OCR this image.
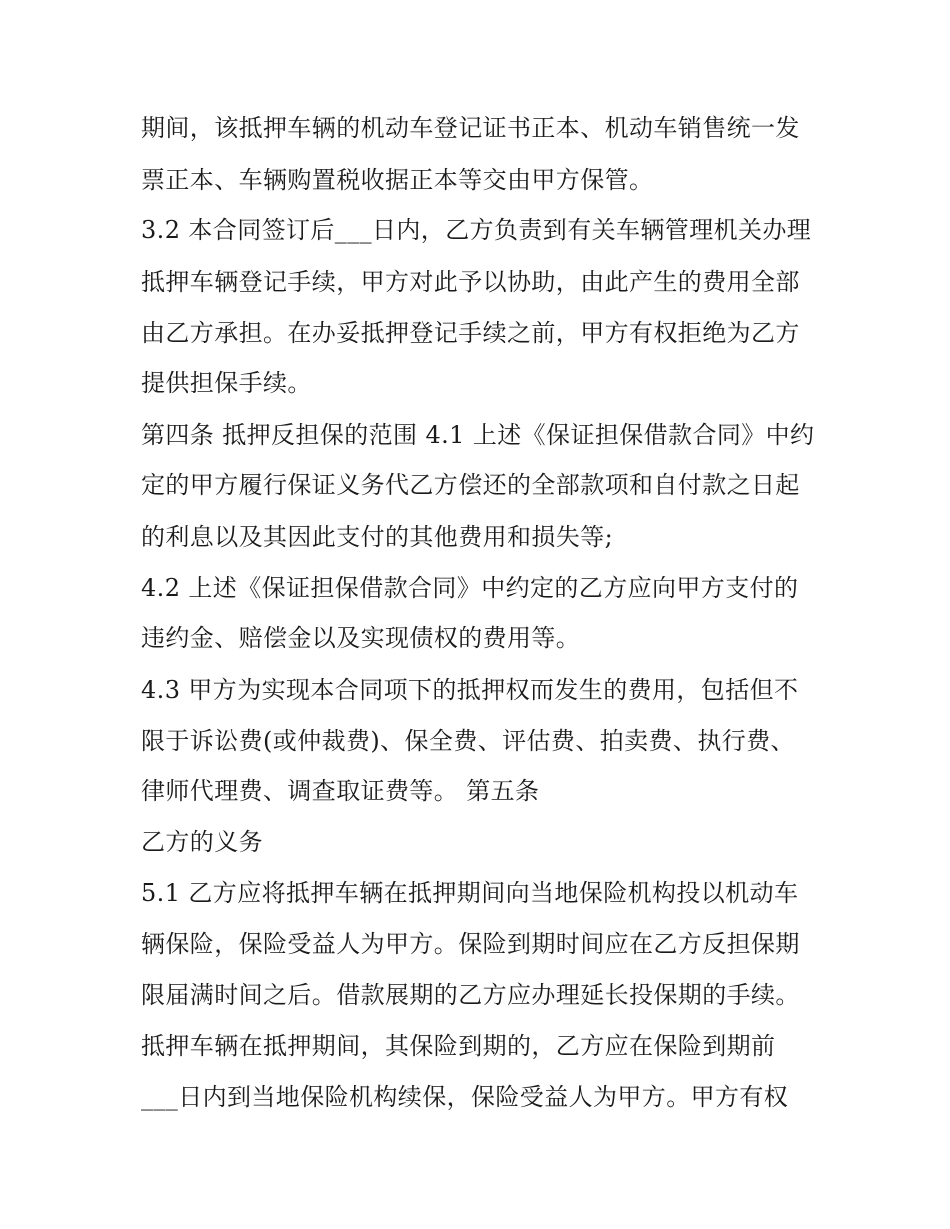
期间，该抵押车辆的机动车登记证书正本、机动车销售统一发
票正本、车辆购置税收据正本等交由甲方保管。
3.2 本合同签订后___日内，乙方负责到有关车辆管理机关办理
抵押车辆登记手续，甲方对此予以协助，由此产生的费用全部
由乙方承担。在办妥抵押登记手续之前，甲方有权拒绝为乙方
提供担保手续。
第四条 抵押反担保的范围 4.1 上述《保证担保借款合同》中约
定的甲方履行保证义务代乙方偿还的全部款项和自付款之日起
的利息以及其因此支付的其他费用和损失等;
4.2 上述《保证担保借款合同》中约定的乙方应向甲方支付的
违约金、赔偿金以及实现债权的费用等。
4.3 甲方为实现本合同项下的抵押权而发生的费用，包括但不
限于诉讼费(或仲裁费)、保全费、评估费、拍卖费、执行费、
律师代理费、调查取证费等。 第五条
乙方的义务
5.1 乙方应将抵押车辆在抵押期间向当地保险机构投以机动车
辆保险，保险受益人为甲方。保险到期时间应在乙方反担保期
限届满时间之后。借款展期的乙方应办理延长投保期的手续。
抵押车辆在抵押期间，其保险到期的，乙方应在保险到期前
___日内到当地保险机构续保，保险受益人为甲方。甲方有权
